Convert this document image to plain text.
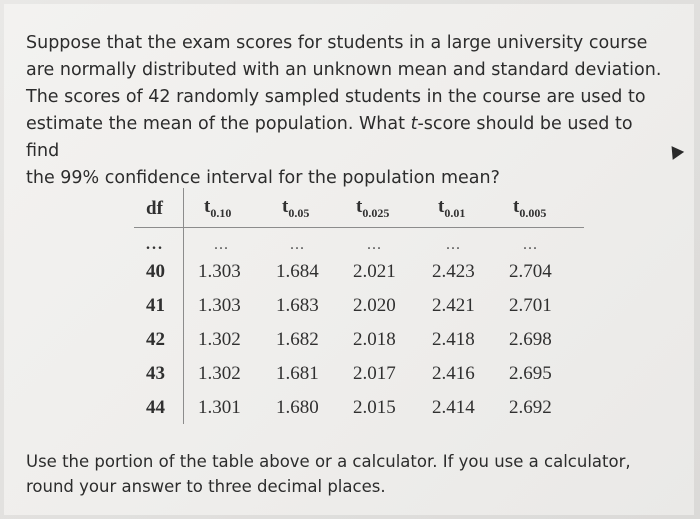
Suppose that the exam scores for students in a large university course
are normally distributed with an unknown mean and standard deviation.
The scores of 42 randomly sampled students in the course are used to
estimate the mean of the population. What t-score should be used to find
the 99% confidence interval for the population mean?

df $t_{0.10}$	$t_{0.05}$ $t_{0.025}$	$t_{0.01}$	$t_{0.005}$
...	...	...	...	...	...
40 1.303 1.684 2.021 2.423 2.704
41 1.303 1.683 2.020 2.421 2.701
42 1.302 1.682 2.018 2.418 2.698
43 1.302 1.681 2.017 2.416 2.695
44 1.301 1.680 2.015 2.414 2.692

Use the portion of the table above or a calculator. If you use a calculator,
round your answer to three decimal places.
